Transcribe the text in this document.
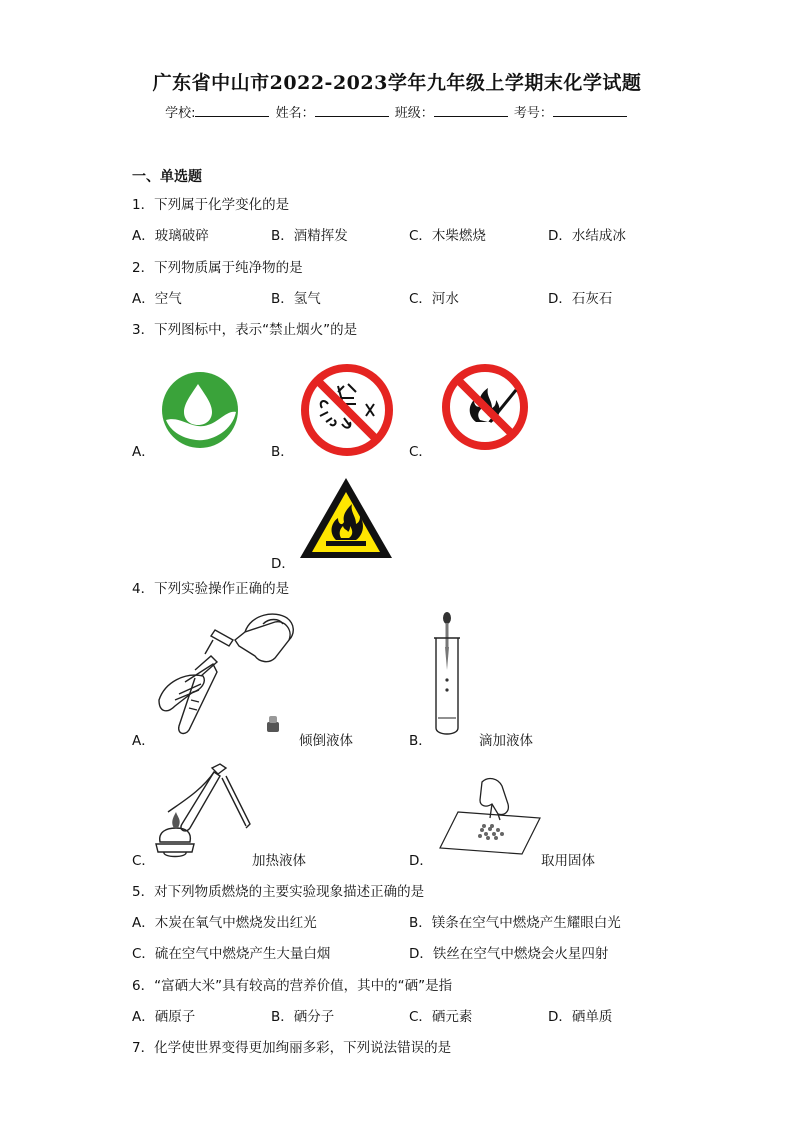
广东省中山市2022-2023学年九年级上学期末化学试题
学校:	姓名：	班级：	考号：
一、单选题
1．下列属于化学变化的是
A．玻璃破碎	B．酒精挥发	C．木柴燃烧	D．水结成冰
2．下列物质属于纯净物的是
A．空气	B．氢气	C．河水	D．石灰石
3．下列图标中，表示“禁止烟火”的是
A．	B．	C．
D．
4．下列实验操作正确的是
A．	倾倒液体	B．	滴加液体
C．	加热液体	D．	取用固体
5．对下列物质燃烧的主要实验现象描述正确的是
A．木炭在氧气中燃烧发出红光	B．镁条在空气中燃烧产生耀眼白光
C．硫在空气中燃烧产生大量白烟	D．铁丝在空气中燃烧会火星四射
6．“富硒大米”具有较高的营养价值，其中的“硒”是指
A．硒原子	B．硒分子	C．硒元素	D．硒单质
7．化学使世界变得更加绚丽多彩，下列说法错误的是
